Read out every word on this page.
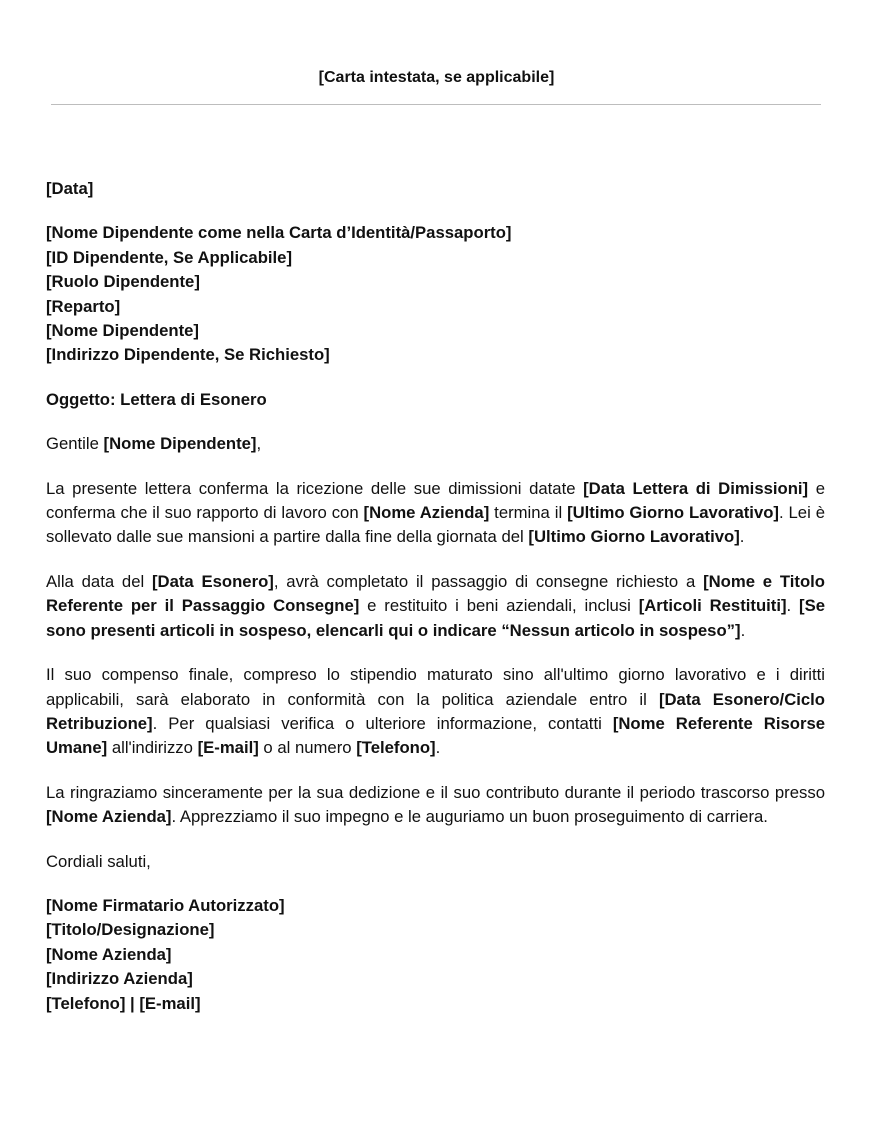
[Carta intestata, se applicabile]

[Data]

[Nome Dipendente come nella Carta d’Identità/Passaporto]
[ID Dipendente, Se Applicabile]
[Ruolo Dipendente]
[Reparto]
[Nome Dipendente]
[Indirizzo Dipendente, Se Richiesto]

Oggetto: Lettera di Esonero

Gentile [Nome Dipendente],

La presente lettera conferma la ricezione delle sue dimissioni datate [Data Lettera di Dimissioni] e conferma che il suo rapporto di lavoro con [Nome Azienda] termina il [Ultimo Giorno Lavorativo]. Lei è sollevato dalle sue mansioni a partire dalla fine della giornata del [Ultimo Giorno Lavorativo].

Alla data del [Data Esonero], avrà completato il passaggio di consegne richiesto a [Nome e Titolo Referente per il Passaggio Consegne] e restituito i beni aziendali, inclusi [Articoli Restituiti]. [Se sono presenti articoli in sospeso, elencarli qui o indicare “Nessun articolo in sospeso”].

Il suo compenso finale, compreso lo stipendio maturato sino all'ultimo giorno lavorativo e i diritti applicabili, sarà elaborato in conformità con la politica aziendale entro il [Data Esonero/Ciclo Retribuzione]. Per qualsiasi verifica o ulteriore informazione, contatti [Nome Referente Risorse Umane] all'indirizzo [E-mail] o al numero [Telefono].

La ringraziamo sinceramente per la sua dedizione e il suo contributo durante il periodo trascorso presso [Nome Azienda]. Apprezziamo il suo impegno e le auguriamo un buon proseguimento di carriera.

Cordiali saluti,

[Nome Firmatario Autorizzato]
[Titolo/Designazione]
[Nome Azienda]
[Indirizzo Azienda]
[Telefono] | [E-mail]
